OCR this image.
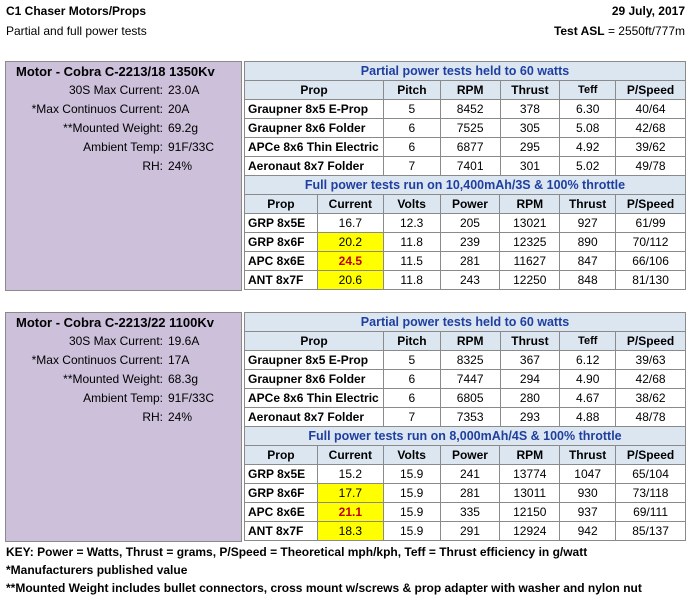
C1 Chaser Motors/Props
Partial and full power tests
29 July, 2017
Test ASL = 2550ft/777m
Motor - Cobra C-2213/18 1350Kv
30S Max Current: 23.0A
*Max Continuos Current: 20A
**Mounted Weight: 69.2g
Ambient Temp: 91F/33C
RH: 24%
Partial power tests held to 60 watts					
Prop	Pitch	RPM	Thrust	Teff	P/Speed
Graupner 8x5 E-Prop	5	8452	378	6.30	40/64
Graupner 8x6 Folder	6	7525	305	5.08	42/68
APCe 8x6 Thin Electric	6	6877	295	4.92	39/62
Aeronaut 8x7 Folder	7	7401	301	5.02	49/78
Full power tests run on 10,400mAh/3S & 100% throttle					
Prop	Current	Volts	Power	RPM	Thrust	P/Speed
GRP 8x5E	16.7	12.3	205	13021	927	61/99
GRP 8x6F	20.2	11.8	239	12325	890	70/112
APC 8x6E	24.5	11.5	281	11627	847	66/106
ANT 8x7F	20.6	11.8	243	12250	848	81/130
Motor - Cobra C-2213/22 1100Kv
30S Max Current: 19.6A
*Max Continuos Current: 17A
**Mounted Weight: 68.3g
Ambient Temp: 91F/33C
RH: 24%
Partial power tests held to 60 watts					
Prop	Pitch	RPM	Thrust	Teff	P/Speed
Graupner 8x5 E-Prop	5	8325	367	6.12	39/63
Graupner 8x6 Folder	6	7447	294	4.90	42/68
APCe 8x6 Thin Electric	6	6805	280	4.67	38/62
Aeronaut 8x7 Folder	7	7353	293	4.88	48/78
Full power tests run on 8,000mAh/4S & 100% throttle					
Prop	Current	Volts	Power	RPM	Thrust	P/Speed
GRP 8x5E	15.2	15.9	241	13774	1047	65/104
GRP 8x6F	17.7	15.9	281	13011	930	73/118
APC 8x6E	21.1	15.9	335	12150	937	69/111
ANT 8x7F	18.3	15.9	291	12924	942	85/137
KEY: Power = Watts, Thrust = grams, P/Speed = Theoretical mph/kph, Teff = Thrust efficiency in g/watt
*Manufacturers published value
**Mounted Weight includes bullet connectors, cross mount w/screws & prop adapter with washer and nylon nut
